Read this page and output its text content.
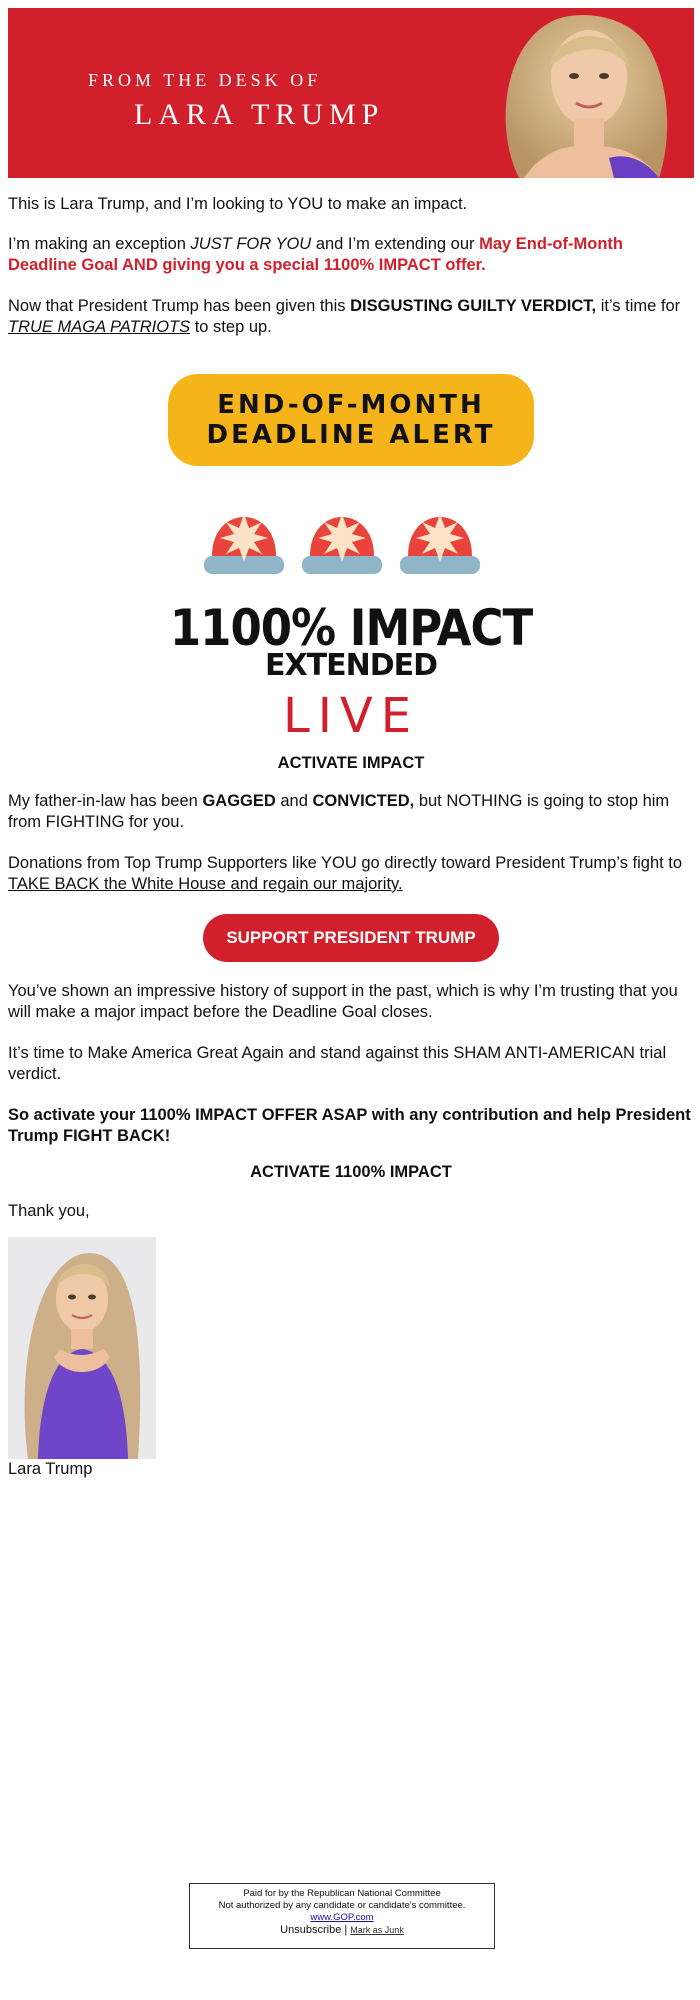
FROM THE DESK OF
LARA TRUMP

This is Lara Trump, and I’m looking to YOU to make an impact.

I’m making an exception JUST FOR YOU and I’m extending our May End-of-Month Deadline Goal AND giving you a special 1100% IMPACT offer.

Now that President Trump has been given this DISGUSTING GUILTY VERDICT, it’s time for TRUE MAGA PATRIOTS to step up.

END-OF-MONTH
DEADLINE ALERT
1100% IMPACT
EXTENDED
LIVE

ACTIVATE IMPACT

My father-in-law has been GAGGED and CONVICTED, but NOTHING is going to stop him from FIGHTING for you.

Donations from Top Trump Supporters like YOU go directly toward President Trump’s fight to TAKE BACK the White House and regain our majority.

SUPPORT PRESIDENT TRUMP

You’ve shown an impressive history of support in the past, which is why I’m trusting that you will make a major impact before the Deadline Goal closes.

It’s time to Make America Great Again and stand against this SHAM ANTI-AMERICAN trial verdict.

So activate your 1100% IMPACT OFFER ASAP with any contribution and help President Trump FIGHT BACK!

ACTIVATE 1100% IMPACT

Thank you,

Lara Trump

Paid for by the Republican National Committee
Not authorized by any candidate or candidate's committee.
www.GOP.com
Unsubscribe | Mark as Junk
